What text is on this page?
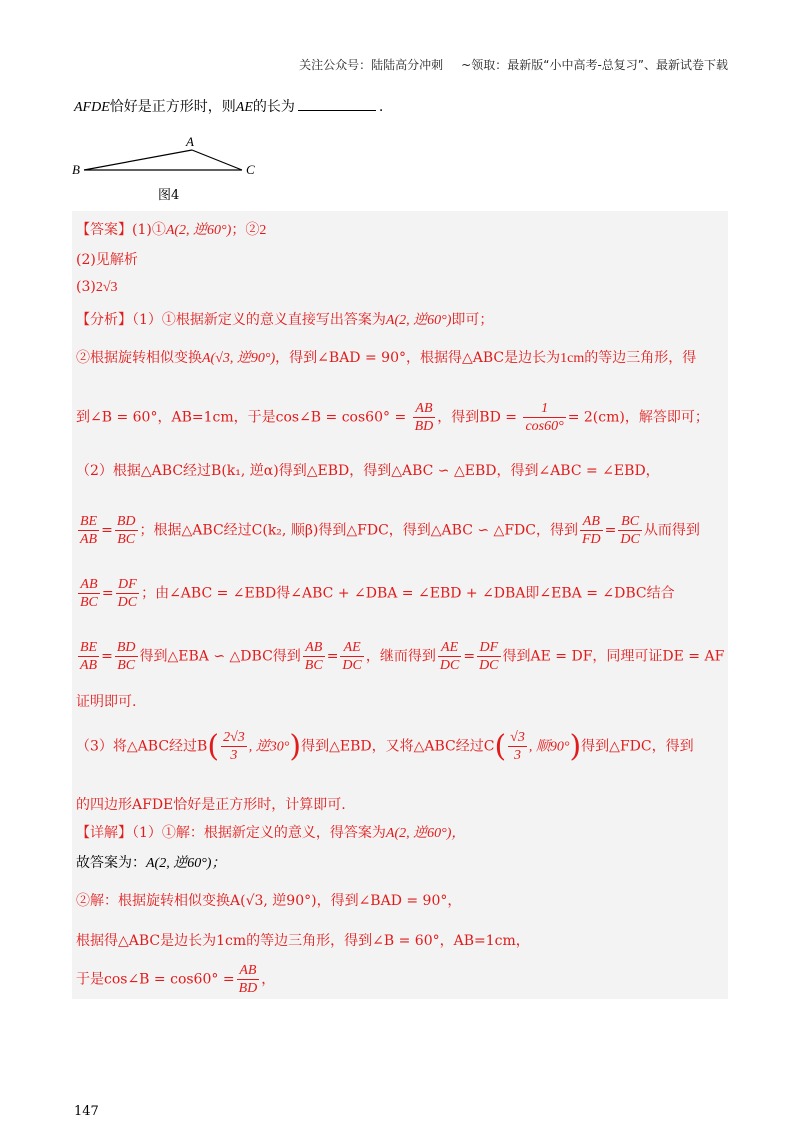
关注公众号：陆陆高分冲刺 ~领取：最新版“小中高考-总复习”、最新试卷下载
AFDE恰好是正方形时，则AE的长为	.
A
B	C
图4
【答案】(1)①A(2, 逆60°)；②2
(2)见解析
(3)2√3
【分析】（1）①根据新定义的意义直接写出答案为A(2, 逆60°)即可；
②根据旋转相似变换A(√3, 逆90°)，得到∠BAD = 90°，根据得△ABC是边长为1cm的等边三角形，得
到∠B = 60°，AB=1cm，于是cos∠B = $\cos 60^\circ = \frac{AB}{BD}$ ，得到BD = $\frac{1}{\cos 60^\circ} = 2(cm)$，解答即可；
（2）根据△ABC经过B(k₁, 逆α)得到△EBD，得到△ABC ∽ △EBD，得到∠ABC = ∠EBD，
$\frac{BE}{AB} = \frac{BD}{BC}$ ；根据△ABC经过C(k₂, 顺β)得到△FDC，得到△ABC ∽ △FDC，得到 $\frac{AB}{FD} = \frac{BC}{DC}$ 从而得到
$\frac{AB}{BC} = \frac{DF}{DC}$ ；由∠ABC = ∠EBD得∠ABC + ∠DBA = ∠EBD + ∠DBA即∠EBA = ∠DBC结合
$\frac{BE}{AB} = \frac{BD}{BC}$ 得到△EBA ∽ △DBC得到 $\frac{AB}{BC} = \frac{AE}{DC}$ ，继而得到 $\frac{AE}{DC} = \frac{DF}{DC}$ 得到AE = DF，同理可证DE = AF
证明即可.
（3）将△ABC经过$B( \frac{2√3}{3}$ , 逆30°)得到△EBD，又将△ABC经过$C( \frac{√3}{3}$ , 顺90°)得到△FDC，得到
的四边形AFDE恰好是正方形时，计算即可.
【详解】（1）①解：根据新定义的意义，得答案为A(2, 逆60°)，
故答案为：A(2, 逆60°)；
②解：根据旋转相似变换A(√3, 逆90°)，得到∠BAD = 90°，
根据得△ABC是边长为1cm的等边三角形，得到∠B = 60°，AB=1cm，
于是cos∠B = $\cos 60^\circ = \frac{AB}{BD}$ ，
147
